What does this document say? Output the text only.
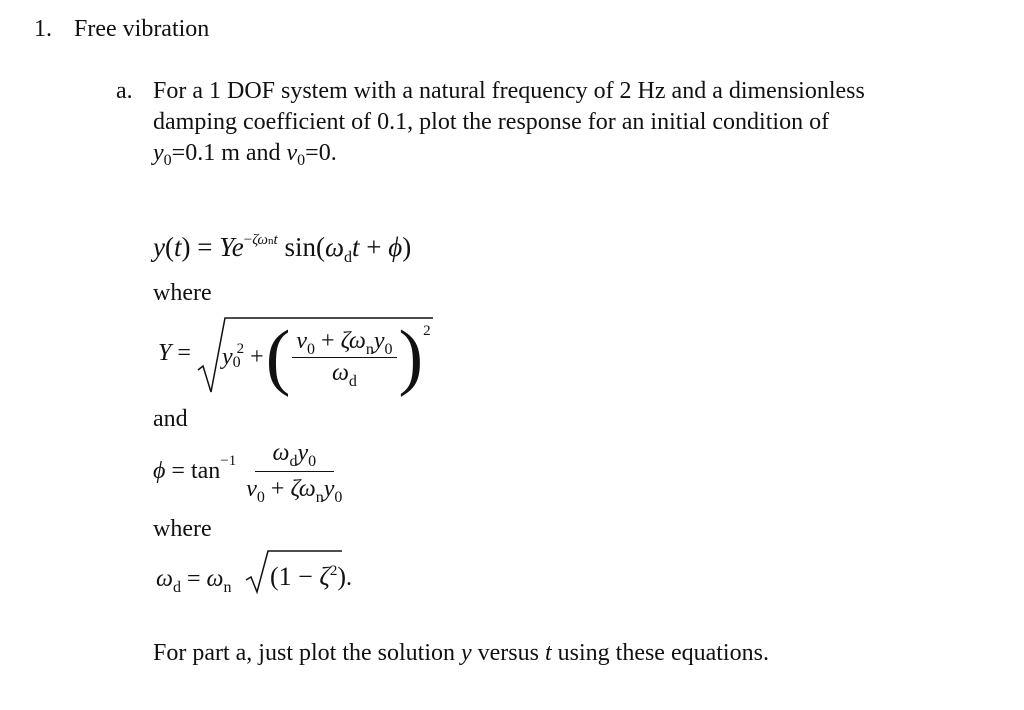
1. Free vibration
a. For a 1 DOF system with a natural frequency of 2 Hz and a dimensionless
damping coefficient of 0.1, plot the response for an initial condition of
$y_0=0.1$ m and $v_0=0$.
$y(t) = Ye^{-\zeta\omega nt}$ $\sin(\omega_dt + \phi)$
where
Y = y 0
2 + ( $\frac{v_0 + \zeta\omega_ny_0}{\omega_d}$ ) 2
and
$\phi = \tan -1 \frac{\omega_dy_0}{v_0 + \zeta\omega_ny_0}$
where
$\omega_d = \omega_n$ $(1 - \zeta^2)$.
For part a, just plot the solution y versus t using these equations.
